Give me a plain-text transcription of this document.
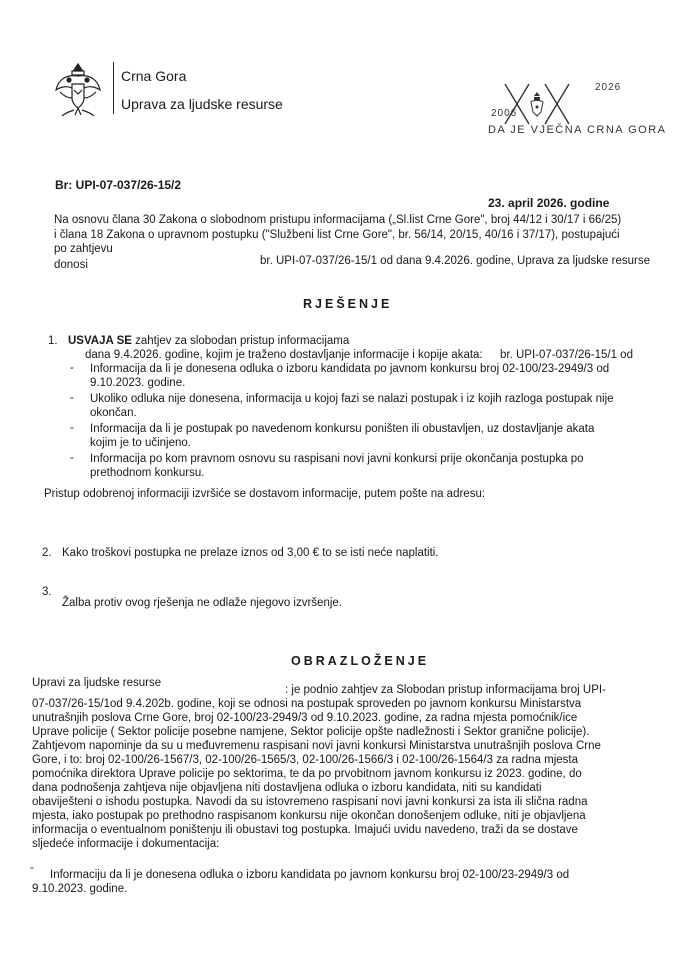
Crna Gora
Uprava za ljudske resurse
2026
2006
DA JE VJEČNA CRNA GORA
Br: UPI-07-037/26-15/2
23. april 2026. godine
Na osnovu člana 30 Zakona o slobodnom pristupu informacijama („Sl.list Crne Gore", broj 44/12 i 30/17 i 66/25)
i člana 18 Zakona o upravnom postupku ("Službeni list Crne Gore", br. 56/14, 20/15, 40/16 i 37/17), postupajući
po zahtjevu
br. UPI-07-037/26-15/1 od dana 9.4.2026. godine, Uprava za ljudske resurse
donosi
RJEŠENJE
1. USVAJA SE zahtjev za slobodan pristup informacijama
br. UPI-07-037/26-15/1 od
dana 9.4.2026. godine, kojim je traženo dostavljanje informacije i kopije akata:
- Informacija da li je donesena odluka o izboru kandidata po javnom konkursu broj 02-100/23-2949/3 od
9.10.2023. godine.
- Ukoliko odluka nije donesena, informacija u kojoj fazi se nalazi postupak i iz kojih razloga postupak nije
okončan.
- Informacija da li je postupak po navedenom konkursu poništen ili obustavljen, uz dostavljanje akata
kojim je to učinjeno.
- Informacija po kom pravnom osnovu su raspisani novi javni konkursi prije okončanja postupka po
prethodnom konkursu.
Pristup odobrenoj informaciji izvršiće se dostavom informacije, putem pošte na adresu:
2. Kako troškovi postupka ne prelaze iznos od 3,00 € to se isti neće naplatiti.
3.
Žalba protiv ovog rješenja ne odlaže njegovo izvršenje.
OBRAZLOŽENJE
Upravi za ljudske resurse
: je podnio zahtjev za Slobodan pristup informacijama broj UPI-
07-037/26-15/1od 9.4.202b. godine, koji se odnosi na postupak sproveden po javnom konkursu Ministarstva
unutrašnjih poslova Crne Gore, broj 02-100/23-2949/3 od 9.10.2023. godine, za radna mjesta pomoćnik/ice
Uprave policije ( Sektor policije posebne namjene, Sektor policije opšte nadležnosti i Sektor granične policije).
Zahtjevom napominje da su u međuvremenu raspisani novi javni konkursi Ministarstva unutrašnjih poslova Crne
Gore, i to: broj 02-100/26-1567/3, 02-100/26-1565/3, 02-100/26-1566/3 i 02-100/26-1564/3 za radna mjesta
pomoćnika direktora Uprave policije po sektorima, te da po prvobitnom javnom konkursu iz 2023. godine, do
dana podnošenja zahtjeva nije objavljena niti dostavljena odluka o izboru kandidata, niti su kandidati
obaviješteni o ishodu postupka. Navodi da su istovremeno raspisani novi javni konkursi za ista ili slična radna
mjesta, iako postupak po prethodno raspisanom konkursu nije okončan donošenjem odluke, niti je objavljena
informacija o eventualnom poništenju ili obustavi tog postupka. Imajući uvidu navedeno, traži da se dostave
sljedeće informacije i dokumentacija:
-
Informaciju da li je donesena odluka o izboru kandidata po javnom konkursu broj 02-100/23-2949/3 od
9.10.2023. godine.
